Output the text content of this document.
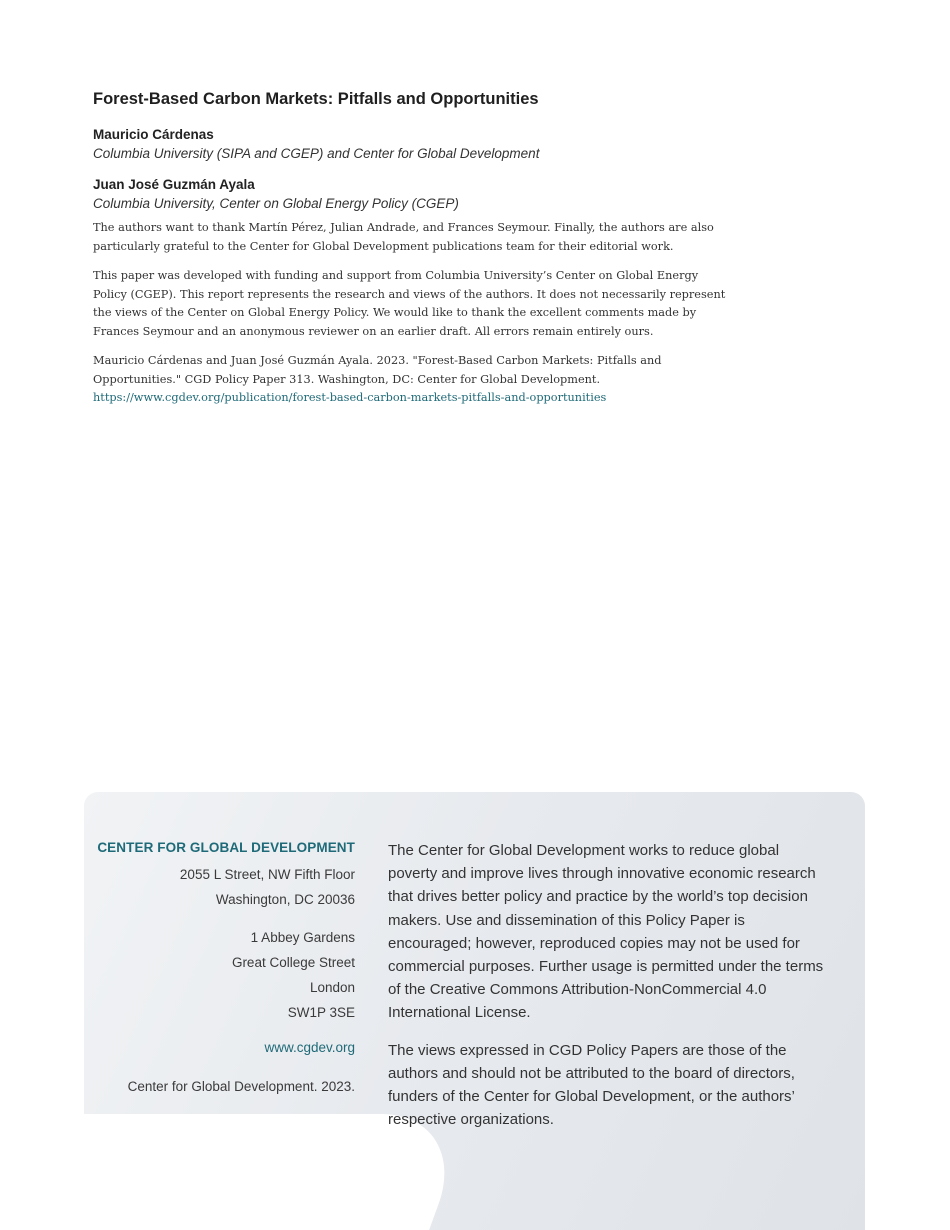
Forest-Based Carbon Markets: Pitfalls and Opportunities
Mauricio Cárdenas
Columbia University (SIPA and CGEP) and Center for Global Development
Juan José Guzmán Ayala
Columbia University, Center on Global Energy Policy (CGEP)

The authors want to thank Martín Pérez, Julian Andrade, and Frances Seymour. Finally, the authors are also particularly grateful to the Center for Global Development publications team for their editorial work.

This paper was developed with funding and support from Columbia University’s Center on Global Energy Policy (CGEP). This report represents the research and views of the authors. It does not necessarily represent the views of the Center on Global Energy Policy. We would like to thank the excellent comments made by Frances Seymour and an anonymous reviewer on an earlier draft. All errors remain entirely ours.

Mauricio Cárdenas and Juan José Guzmán Ayala. 2023. "Forest-Based Carbon Markets: Pitfalls and Opportunities." CGD Policy Paper 313. Washington, DC: Center for Global Development. https://www.cgdev.org/publication/forest-based-carbon-markets-pitfalls-and-opportunities

CENTER FOR GLOBAL DEVELOPMENT
2055 L Street, NW Fifth Floor
Washington, DC 20036
1 Abbey Gardens
Great College Street
London
SW1P 3SE
www.cgdev.org
Center for Global Development. 2023.

The Center for Global Development works to reduce global poverty and improve lives through innovative economic research that drives better policy and practice by the world’s top decision makers. Use and dissemination of this Policy Paper is encouraged; however, reproduced copies may not be used for commercial purposes. Further usage is permitted under the terms of the Creative Commons Attribution-NonCommercial 4.0 International License.

The views expressed in CGD Policy Papers are those of the authors and should not be attributed to the board of directors, funders of the Center for Global Development, or the authors’ respective organizations.
